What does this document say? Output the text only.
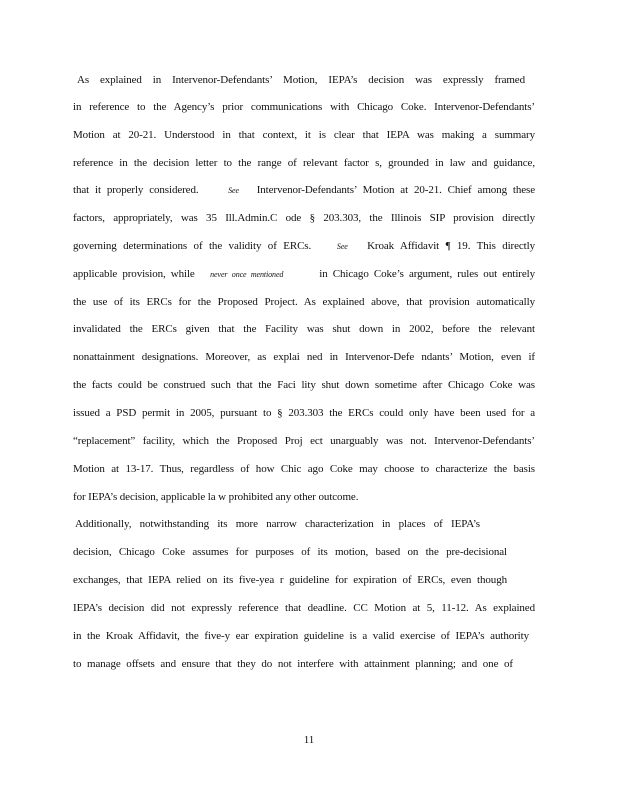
As explained in Intervenor-Defendants’ Motion, IEPA’s decision was expressly framed
in reference to the Agency’s prior communications with Chicago Coke. Intervenor-Defendants’
Motion at 20-21. Understood in that context, it is clear that IEPA was making a summary
reference in the decision letter to the range of relevant factor s, grounded in law and guidance,
that it properly considered.	See Intervenor-Defendants’ Motion at 20-21. Chief among these
factors, appropriately, was 35 Ill.Admin.C ode § 203.303, the Illinois SIP provision directly
governing determinations of the validity of ERCs.	See Kroak Affidavit ¶ 19. This directly
applicable provision, while never once mentioned	in Chicago Coke’s argument, rules out entirely
the use of its ERCs for the Proposed Project. As explained above, that provision automatically
invalidated the ERCs given that the Facility was shut down in 2002, before the relevant
nonattainment designations. Moreover, as explai ned in Intervenor-Defe ndants’ Motion, even if
the facts could be construed such that the Faci lity shut down sometime after Chicago Coke was
issued a PSD permit in 2005, pursuant to § 203.303 the ERCs could only have been used for a
“replacement” facility, which the Proposed Proj ect unarguably was not. Intervenor-Defendants’
Motion at 13-17. Thus, regardless of how Chic ago Coke may choose to characterize the basis
for IEPA’s decision, applicable la w prohibited any other outcome.
Additionally, notwithstanding its more narrow characterization in places of IEPA’s
decision, Chicago Coke assumes for purposes of its motion, based on the pre-decisional
exchanges, that IEPA relied on its five-yea r guideline for expiration of ERCs, even though
IEPA’s decision did not expressly reference that deadline. CC Motion at 5, 11-12. As explained
in the Kroak Affidavit, the five-y ear expiration guideline is a valid exercise of IEPA’s authority
to manage offsets and ensure that they do not interfere with attainment planning; and one of
11
